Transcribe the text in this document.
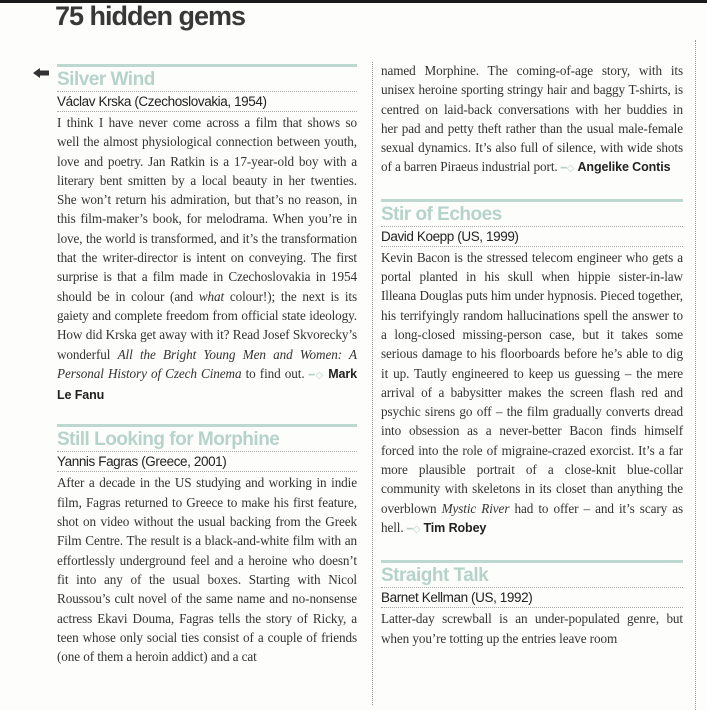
75 hidden gems
Silver Wind
Václav Krska (Czechoslovakia, 1954)

I think I have never come across a film that shows so well the almost physiological connection between youth, love and poetry. Jan Ratkin is a 17-year-old boy with a literary bent smitten by a local beauty in her twenties. She won’t return his admiration, but that’s no reason, in this film-maker’s book, for melodrama. When you’re in love, the world is transformed, and it’s the transformation that the writer-director is intent on conveying. The first surprise is that a film made in Czechoslovakia in 1954 should be in colour (and what colour!); the next is its gaiety and complete freedom from official state ideology. How did Krska get away with it? Read Josef Skvorecky’s wonderful All the Bright Young Men and Women: A Personal History of Czech Cinema to find out. ━◇ Mark Le Fanu

Still Looking for Morphine
Yannis Fagras (Greece, 2001)

After a decade in the US studying and working in indie film, Fagras returned to Greece to make his first feature, shot on video without the usual backing from the Greek Film Centre. The result is a black-and-white film with an effortlessly underground feel and a heroine who doesn’t fit into any of the usual boxes. Starting with Nicol Roussou’s cult novel of the same name and no-nonsense actress Ekavi Douma, Fagras tells the story of Ricky, a teen whose only social ties consist of a couple of friends (one of them a heroin addict) and a cat

named Morphine. The coming-of-age story, with its unisex heroine sporting stringy hair and baggy T-shirts, is centred on laid-back conversations with her buddies in her pad and petty theft rather than the usual male-female sexual dynamics. It’s also full of silence, with wide shots of a barren Piraeus industrial port. ━◇ Angelike Contis

Stir of Echoes
David Koepp (US, 1999)

Kevin Bacon is the stressed telecom engineer who gets a portal planted in his skull when hippie sister-in-law Illeana Douglas puts him under hypnosis. Pieced together, his terrifyingly random hallucinations spell the answer to a long-closed missing-person case, but it takes some serious damage to his floorboards before he’s able to dig it up. Tautly engineered to keep us guessing – the mere arrival of a babysitter makes the screen flash red and psychic sirens go off – the film gradually converts dread into obsession as a never-better Bacon finds himself forced into the role of migraine-crazed exorcist. It’s a far more plausible portrait of a close-knit blue-collar community with skeletons in its closet than anything the overblown Mystic River had to offer – and it’s scary as hell. ━◇ Tim Robey

Straight Talk
Barnet Kellman (US, 1992)

Latter-day screwball is an under-populated genre, but when you’re totting up the entries leave room
